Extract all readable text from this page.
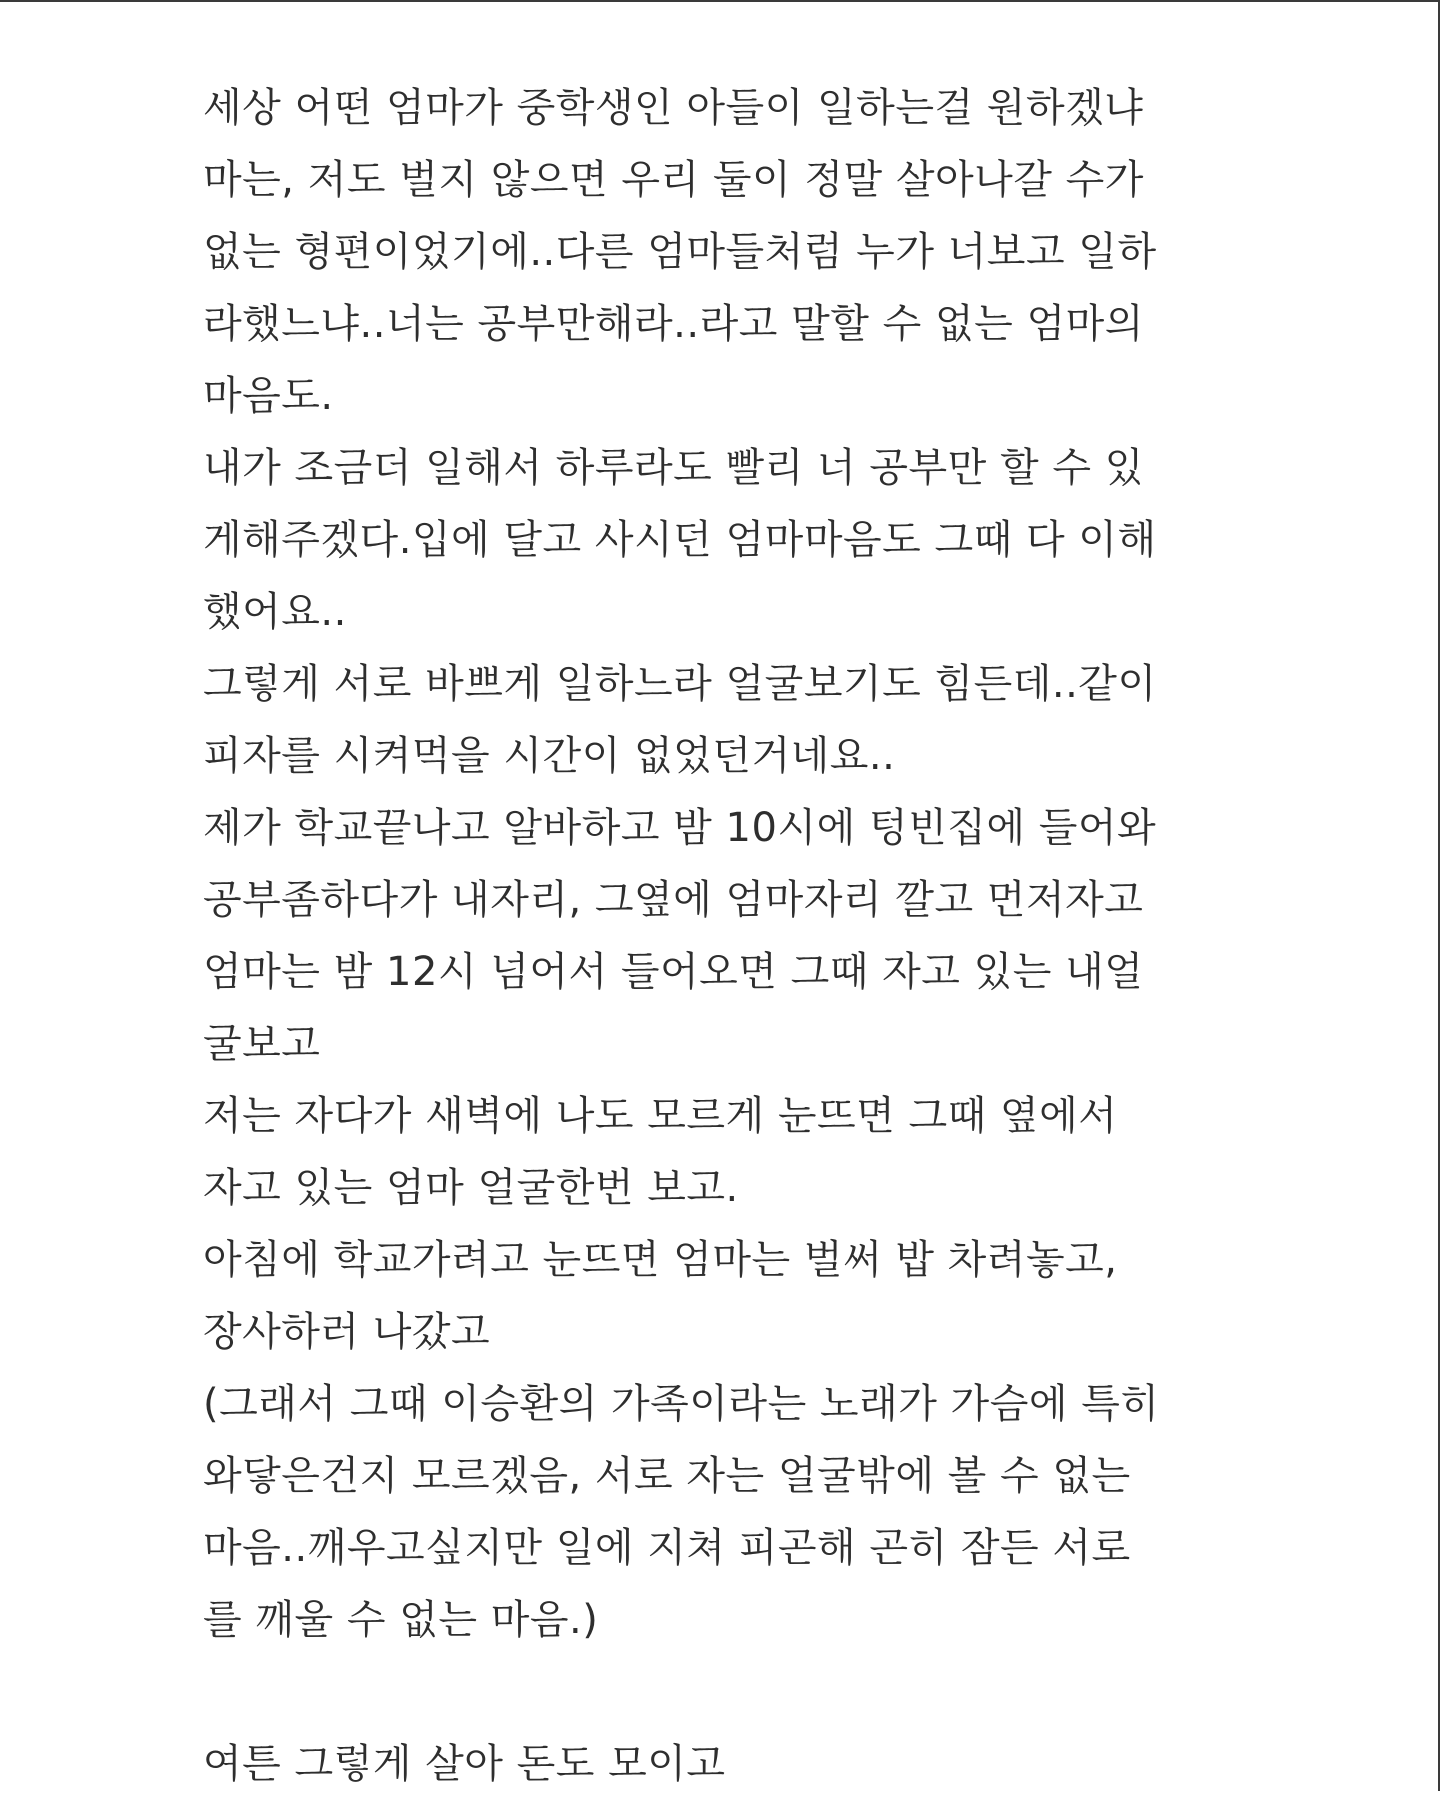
세상 어떤 엄마가 중학생인 아들이 일하는걸 원하겠냐
마는, 저도 벌지 않으면 우리 둘이 정말 살아나갈 수가
없는 형편이었기에..다른 엄마들처럼 누가 너보고 일하
라했느냐..너는 공부만해라..라고 말할 수 없는 엄마의
마음도.
내가 조금더 일해서 하루라도 빨리 너 공부만 할 수 있
게해주겠다.입에 달고 사시던 엄마마음도 그때 다 이해
했어요..
그렇게 서로 바쁘게 일하느라 얼굴보기도 힘든데..같이
피자를 시켜먹을 시간이 없었던거네요..
제가 학교끝나고 알바하고 밤 10시에 텅빈집에 들어와
공부좀하다가 내자리, 그옆에 엄마자리 깔고 먼저자고
엄마는 밤 12시 넘어서 들어오면 그때 자고 있는 내얼
굴보고
저는 자다가 새벽에 나도 모르게 눈뜨면 그때 옆에서
자고 있는 엄마 얼굴한번 보고.
아침에 학교가려고 눈뜨면 엄마는 벌써 밥 차려놓고,
장사하러 나갔고
(그래서 그때 이승환의 가족이라는 노래가 가슴에 특히
와닿은건지 모르겠음, 서로 자는 얼굴밖에 볼 수 없는
마음..깨우고싶지만 일에 지쳐 피곤해 곤히 잠든 서로
를 깨울 수 없는 마음.)
여튼 그렇게 살아 돈도 모이고
